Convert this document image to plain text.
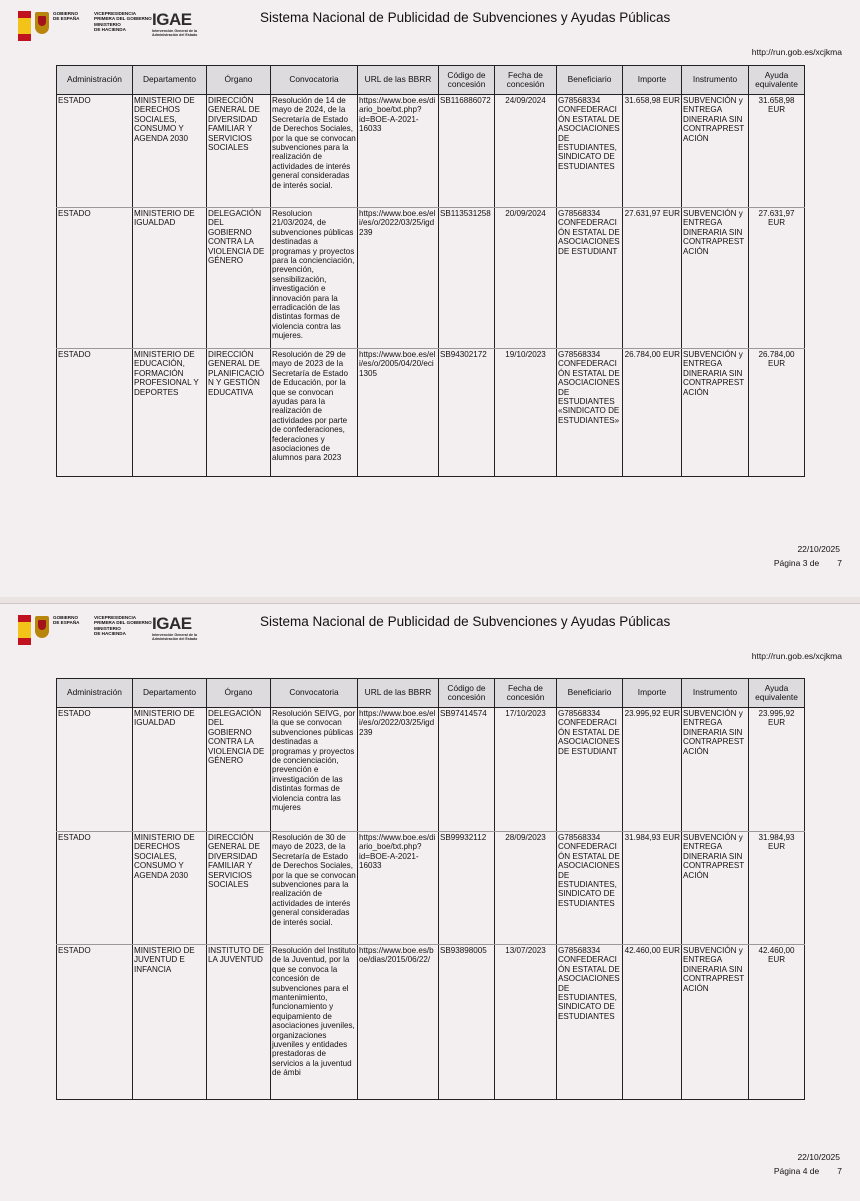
GOBIERNO
DE ESPAÑA
VICEPRESIDENCIA
PRIMERA DEL GOBIERNO
MINISTERIO
DE HACIENDA
IGAE
Intervención General de la Administración del Estado
Sistema Nacional de Publicidad de Subvenciones y Ayudas Públicas
http://run.gob.es/xcjkma
Administración	Departamento	Órgano	Convocatoria	URL de las BBRR	Código de concesión	Fecha de concesión	Beneficiario	Importe	Instrumento	Ayuda equivalente
ESTADO	MINISTERIO DE DERECHOS SOCIALES, CONSUMO Y AGENDA 2030	DIRECCIÓN GENERAL DE DIVERSIDAD FAMILIAR Y SERVICIOS SOCIALES	Resolución de 14 de mayo de 2024, de la Secretaría de Estado de Derechos Sociales, por la que se convocan subvenciones para la realización de actividades de interés general consideradas de interés social.	https://www.boe.es/diario_boe/txt.php?id=BOE-A-2021-16033	SB116886072	24/09/2024	G78568334 CONFEDERACIÓN ESTATAL DE ASOCIACIONES DE ESTUDIANTES, SINDICATO DE ESTUDIANTES	31.658,98 EUR	SUBVENCIÓN y ENTREGA DINERARIA SIN CONTRAPRESTACIÓN	31.658,98 EUR
ESTADO	MINISTERIO DE IGUALDAD	DELEGACIÓN DEL GOBIERNO CONTRA LA VIOLENCIA DE GÉNERO	Resolucion 21/03/2024, de subvenciones públicas destinadas a programas y proyectos para la concienciación, prevención, sensibilización, investigación e innovación para la erradicación de las distintas formas de violencia contra las mujeres.	https://www.boe.es/eli/es/o/2022/03/25/igd239	SB113531258	20/09/2024	G78568334 CONFEDERACIÓN ESTATAL DE ASOCIACIONES DE ESTUDIANT	27.631,97 EUR	SUBVENCIÓN y ENTREGA DINERARIA SIN CONTRAPRESTACIÓN	27.631,97 EUR
ESTADO	MINISTERIO DE EDUCACIÓN, FORMACIÓN PROFESIONAL Y DEPORTES	DIRECCIÓN GENERAL DE PLANIFICACIÓN Y GESTIÓN EDUCATIVA	Resolución de 29 de mayo de 2023 de la Secretaría de Estado de Educación, por la que se convocan ayudas para la realización de actividades por parte de confederaciones, federaciones y asociaciones de alumnos para 2023	https://www.boe.es/eli/es/o/2005/04/20/eci1305	SB94302172	19/10/2023	G78568334 CONFEDERACIÓN ESTATAL DE ASOCIACIONES DE ESTUDIANTES «SINDICATO DE ESTUDIANTES»	26.784,00 EUR	SUBVENCIÓN y ENTREGA DINERARIA SIN CONTRAPRESTACIÓN	26.784,00 EUR
22/10/2025
Página 3 de 7
GOBIERNO
DE ESPAÑA
VICEPRESIDENCIA
PRIMERA DEL GOBIERNO
MINISTERIO
DE HACIENDA
IGAE
Intervención General de la Administración del Estado
Sistema Nacional de Publicidad de Subvenciones y Ayudas Públicas
http://run.gob.es/xcjkma
Administración	Departamento	Órgano	Convocatoria	URL de las BBRR	Código de concesión	Fecha de concesión	Beneficiario	Importe	Instrumento	Ayuda equivalente
ESTADO	MINISTERIO DE IGUALDAD	DELEGACIÓN DEL GOBIERNO CONTRA LA VIOLENCIA DE GÉNERO	Resolución SEIVG, por la que se convocan subvenciones públicas destinadas a programas y proyectos de concienciación, prevención e investigación de las distintas formas de violencia contra las mujeres	https://www.boe.es/eli/es/o/2022/03/25/igd239	SB97414574	17/10/2023	G78568334 CONFEDERACIÓN ESTATAL DE ASOCIACIONES DE ESTUDIANT	23.995,92 EUR	SUBVENCIÓN y ENTREGA DINERARIA SIN CONTRAPRESTACIÓN	23.995,92 EUR
ESTADO	MINISTERIO DE DERECHOS SOCIALES, CONSUMO Y AGENDA 2030	DIRECCIÓN GENERAL DE DIVERSIDAD FAMILIAR Y SERVICIOS SOCIALES	Resolución de 30 de mayo de 2023, de la Secretaría de Estado de Derechos Sociales, por la que se convocan subvenciones para la realización de actividades de interés general consideradas de interés social.	https://www.boe.es/diario_boe/txt.php?id=BOE-A-2021-16033	SB99932112	28/09/2023	G78568334 CONFEDERACIÓN ESTATAL DE ASOCIACIONES DE ESTUDIANTES, SINDICATO DE ESTUDIANTES	31.984,93 EUR	SUBVENCIÓN y ENTREGA DINERARIA SIN CONTRAPRESTACIÓN	31.984,93 EUR
ESTADO	MINISTERIO DE JUVENTUD E INFANCIA	INSTITUTO DE LA JUVENTUD	Resolución del Instituto de la Juventud, por la que se convoca la concesión de subvenciones para el mantenimiento, funcionamiento y equipamiento de asociaciones juveniles, organizaciones juveniles y entidades prestadoras de servicios a la juventud de ámbi	https://www.boe.es/boe/dias/2015/06/22/	SB93898005	13/07/2023	G78568334 CONFEDERACIÓN ESTATAL DE ASOCIACIONES DE ESTUDIANTES, SINDICATO DE ESTUDIANTES	42.460,00 EUR	SUBVENCIÓN y ENTREGA DINERARIA SIN CONTRAPRESTACIÓN	42.460,00 EUR
22/10/2025
Página 4 de 7
